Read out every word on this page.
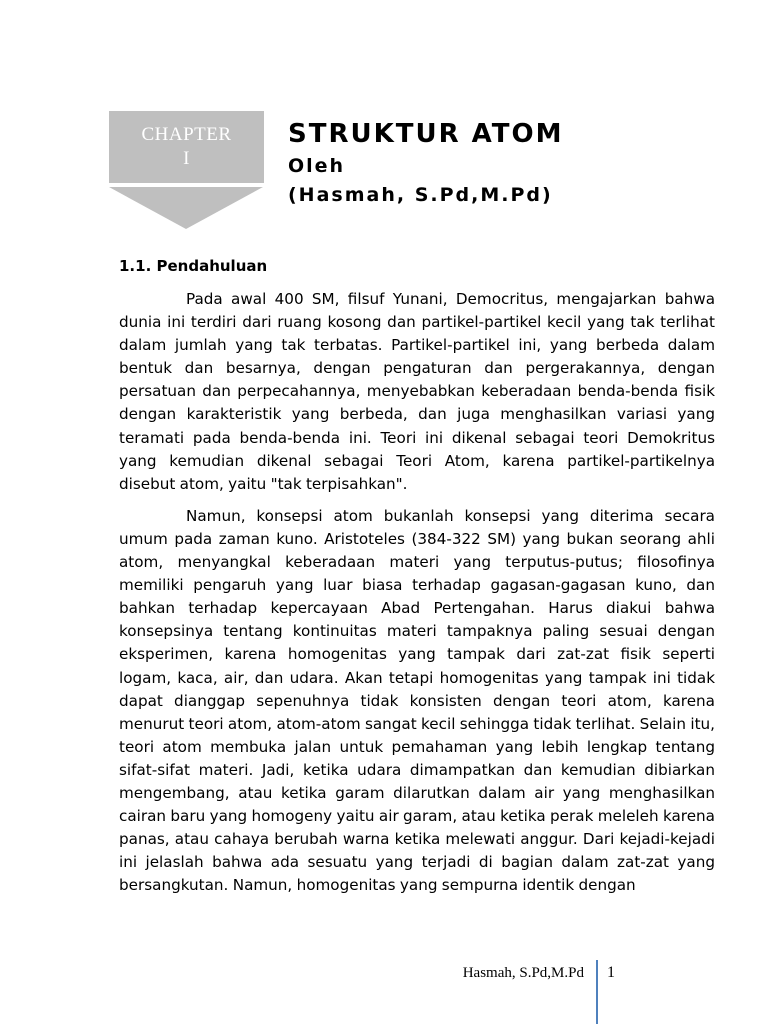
CHAPTER
I
STRUKTUR ATOM

Oleh

(Hasmah, S.Pd,M.Pd)

1.1. Pendahuluan

Pada awal 400 SM, filsuf Yunani, Democritus, mengajarkan bahwa dunia ini terdiri dari ruang kosong dan partikel-partikel kecil yang tak terlihat dalam jumlah yang tak terbatas. Partikel-partikel ini, yang berbeda dalam bentuk dan besarnya, dengan pengaturan dan pergerakannya, dengan persatuan dan perpecahannya, menyebabkan keberadaan benda-benda fisik dengan karakteristik yang berbeda, dan juga menghasilkan variasi yang teramati pada benda-benda ini. Teori ini dikenal sebagai teori Demokritus yang kemudian dikenal sebagai Teori Atom, karena partikel-partikelnya disebut atom, yaitu "tak terpisahkan".

Namun, konsepsi atom bukanlah konsepsi yang diterima secara umum pada zaman kuno. Aristoteles (384-322 SM) yang bukan seorang ahli atom, menyangkal keberadaan materi yang terputus-putus; filosofinya memiliki pengaruh yang luar biasa terhadap gagasan-gagasan kuno, dan bahkan terhadap kepercayaan Abad Pertengahan. Harus diakui bahwa konsepsinya tentang kontinuitas materi tampaknya paling sesuai dengan eksperimen, karena homogenitas yang tampak dari zat-zat fisik seperti logam, kaca, air, dan udara. Akan tetapi homogenitas yang tampak ini tidak dapat dianggap sepenuhnya tidak konsisten dengan teori atom, karena menurut teori atom, atom-atom sangat kecil sehingga tidak terlihat. Selain itu, teori atom membuka jalan untuk pemahaman yang lebih lengkap tentang sifat-sifat materi. Jadi, ketika udara dimampatkan dan kemudian dibiarkan mengembang, atau ketika garam dilarutkan dalam air yang menghasilkan cairan baru yang homogeny yaitu air garam, atau ketika perak meleleh karena panas, atau cahaya berubah warna ketika melewati anggur. Dari kejadi-kejadi ini jelaslah bahwa ada sesuatu yang terjadi di bagian dalam zat-zat yang bersangkutan. Namun, homogenitas yang sempurna identik dengan

Hasmah, S.Pd,M.Pd 1
